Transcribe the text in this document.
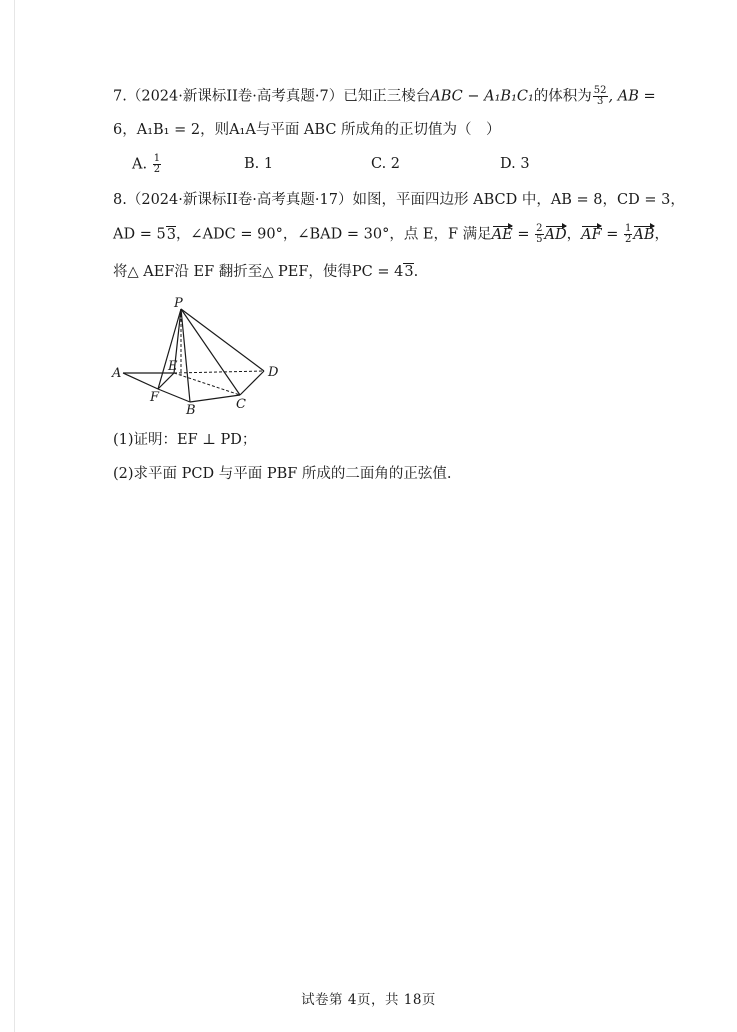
7.（2024·新课标II卷·高考真题·7）已知正三棱台ABC − A₁B₁C₁的体积为 $\frac{52}{3}$ , AB =
6，A₁B₁ = 2，则A₁A与平面 ABC 所成角的正切值为（　）
A. $\frac{1}{2}$	B. 1	C. 2	D. 3
8.（2024·新课标II卷·高考真题·17）如图，平面四边形 ABCD 中，AB = 8，CD = 3，
AD = 53，∠ADC = 90°，∠BAD = 30°，点 E，F 满足AE = $\frac{2}{5}$ AD，AF = $\frac{1}{2}$ AB，
将△ AEF沿 EF 翻折至△ PEF，使得PC = 43.
P
A	E	D
F
B	C
(1)证明：EF ⊥ PD；
(2)求平面 PCD 与平面 PBF 所成的二面角的正弦值.
试卷第 4页，共 18页
